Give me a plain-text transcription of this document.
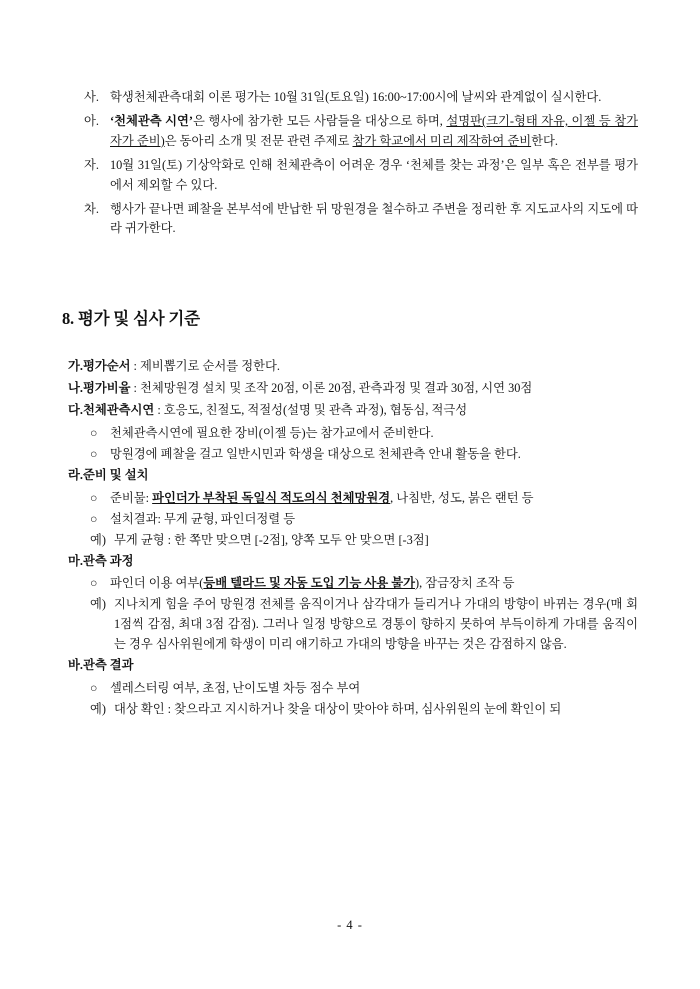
사. 학생천체관측대회 이론 평가는 10월 31일(토요일) 16:00~17:00시에 날씨와 관계없이 실시한다.
아. ‘천체관측 시연’은 행사에 참가한 모든 사람들을 대상으로 하며, 설명판(크기-형태 자유, 이젤 등 참가자가 준비)은 동아리 소개 및 전문 관련 주제로 참가 학교에서 미리 제작하여 준비한다.
자. 10월 31일(토) 기상악화로 인해 천체관측이 어려운 경우 ‘천체를 찾는 과정’은 일부 혹은 전부를 평가에서 제외할 수 있다.
차. 행사가 끝나면 폐찰을 본부석에 반납한 뒤 망원경을 철수하고 주변을 정리한 후 지도교사의 지도에 따라 귀가한다.
8. 평가 및 심사 기준
가. 평가순서 : 제비뽑기로 순서를 정한다.
나. 평가비율 : 천체망원경 설치 및 조작 20점, 이론 20점, 관측과정 및 결과 30점, 시연 30점
다. 천체관측시연 : 호응도, 친절도, 적절성(설명 및 관측 과정), 협동심, 적극성
○	천체관측시연에 필요한 장비(이젤 등)는 참가교에서 준비한다.
○	망원경에 폐찰을 걸고 일반시민과 학생을 대상으로 천체관측 안내 활동을 한다.
라. 준비 및 설치
○	준비물: 파인더가 부착된 독일식 적도의식 천체망원경, 나침반, 성도, 붉은 랜턴 등
○	설치결과: 무게 균형, 파인더정렬 등
예) 무게 균형 : 한 쪽만 맞으면 [-2점], 양쪽 모두 안 맞으면 [-3점]
마. 관측 과정
○	파인더 이용 여부(등배 텔라드 및 자동 도입 기능 사용 불가), 잠금장치 조작 등
예) 지나치게 힘을 주어 망원경 전체를 움직이거나 삼각대가 들리거나 가대의 방향이 바뀌는 경우(매 회 1점씩 감점, 최대 3점 감점). 그러나 일정 방향으로 경통이 향하지 못하여 부득이하게 가대를 움직이는 경우 심사위원에게 학생이 미리 얘기하고 가대의 방향을 바꾸는 것은 감점하지 않음.
바. 관측 결과
○	셀레스터링 여부, 초점, 난이도별 차등 점수 부여
예) 대상 확인 : 찾으라고 지시하거나 찾을 대상이 맞아야 하며, 심사위원의 눈에 확인이 되
- 4 -
